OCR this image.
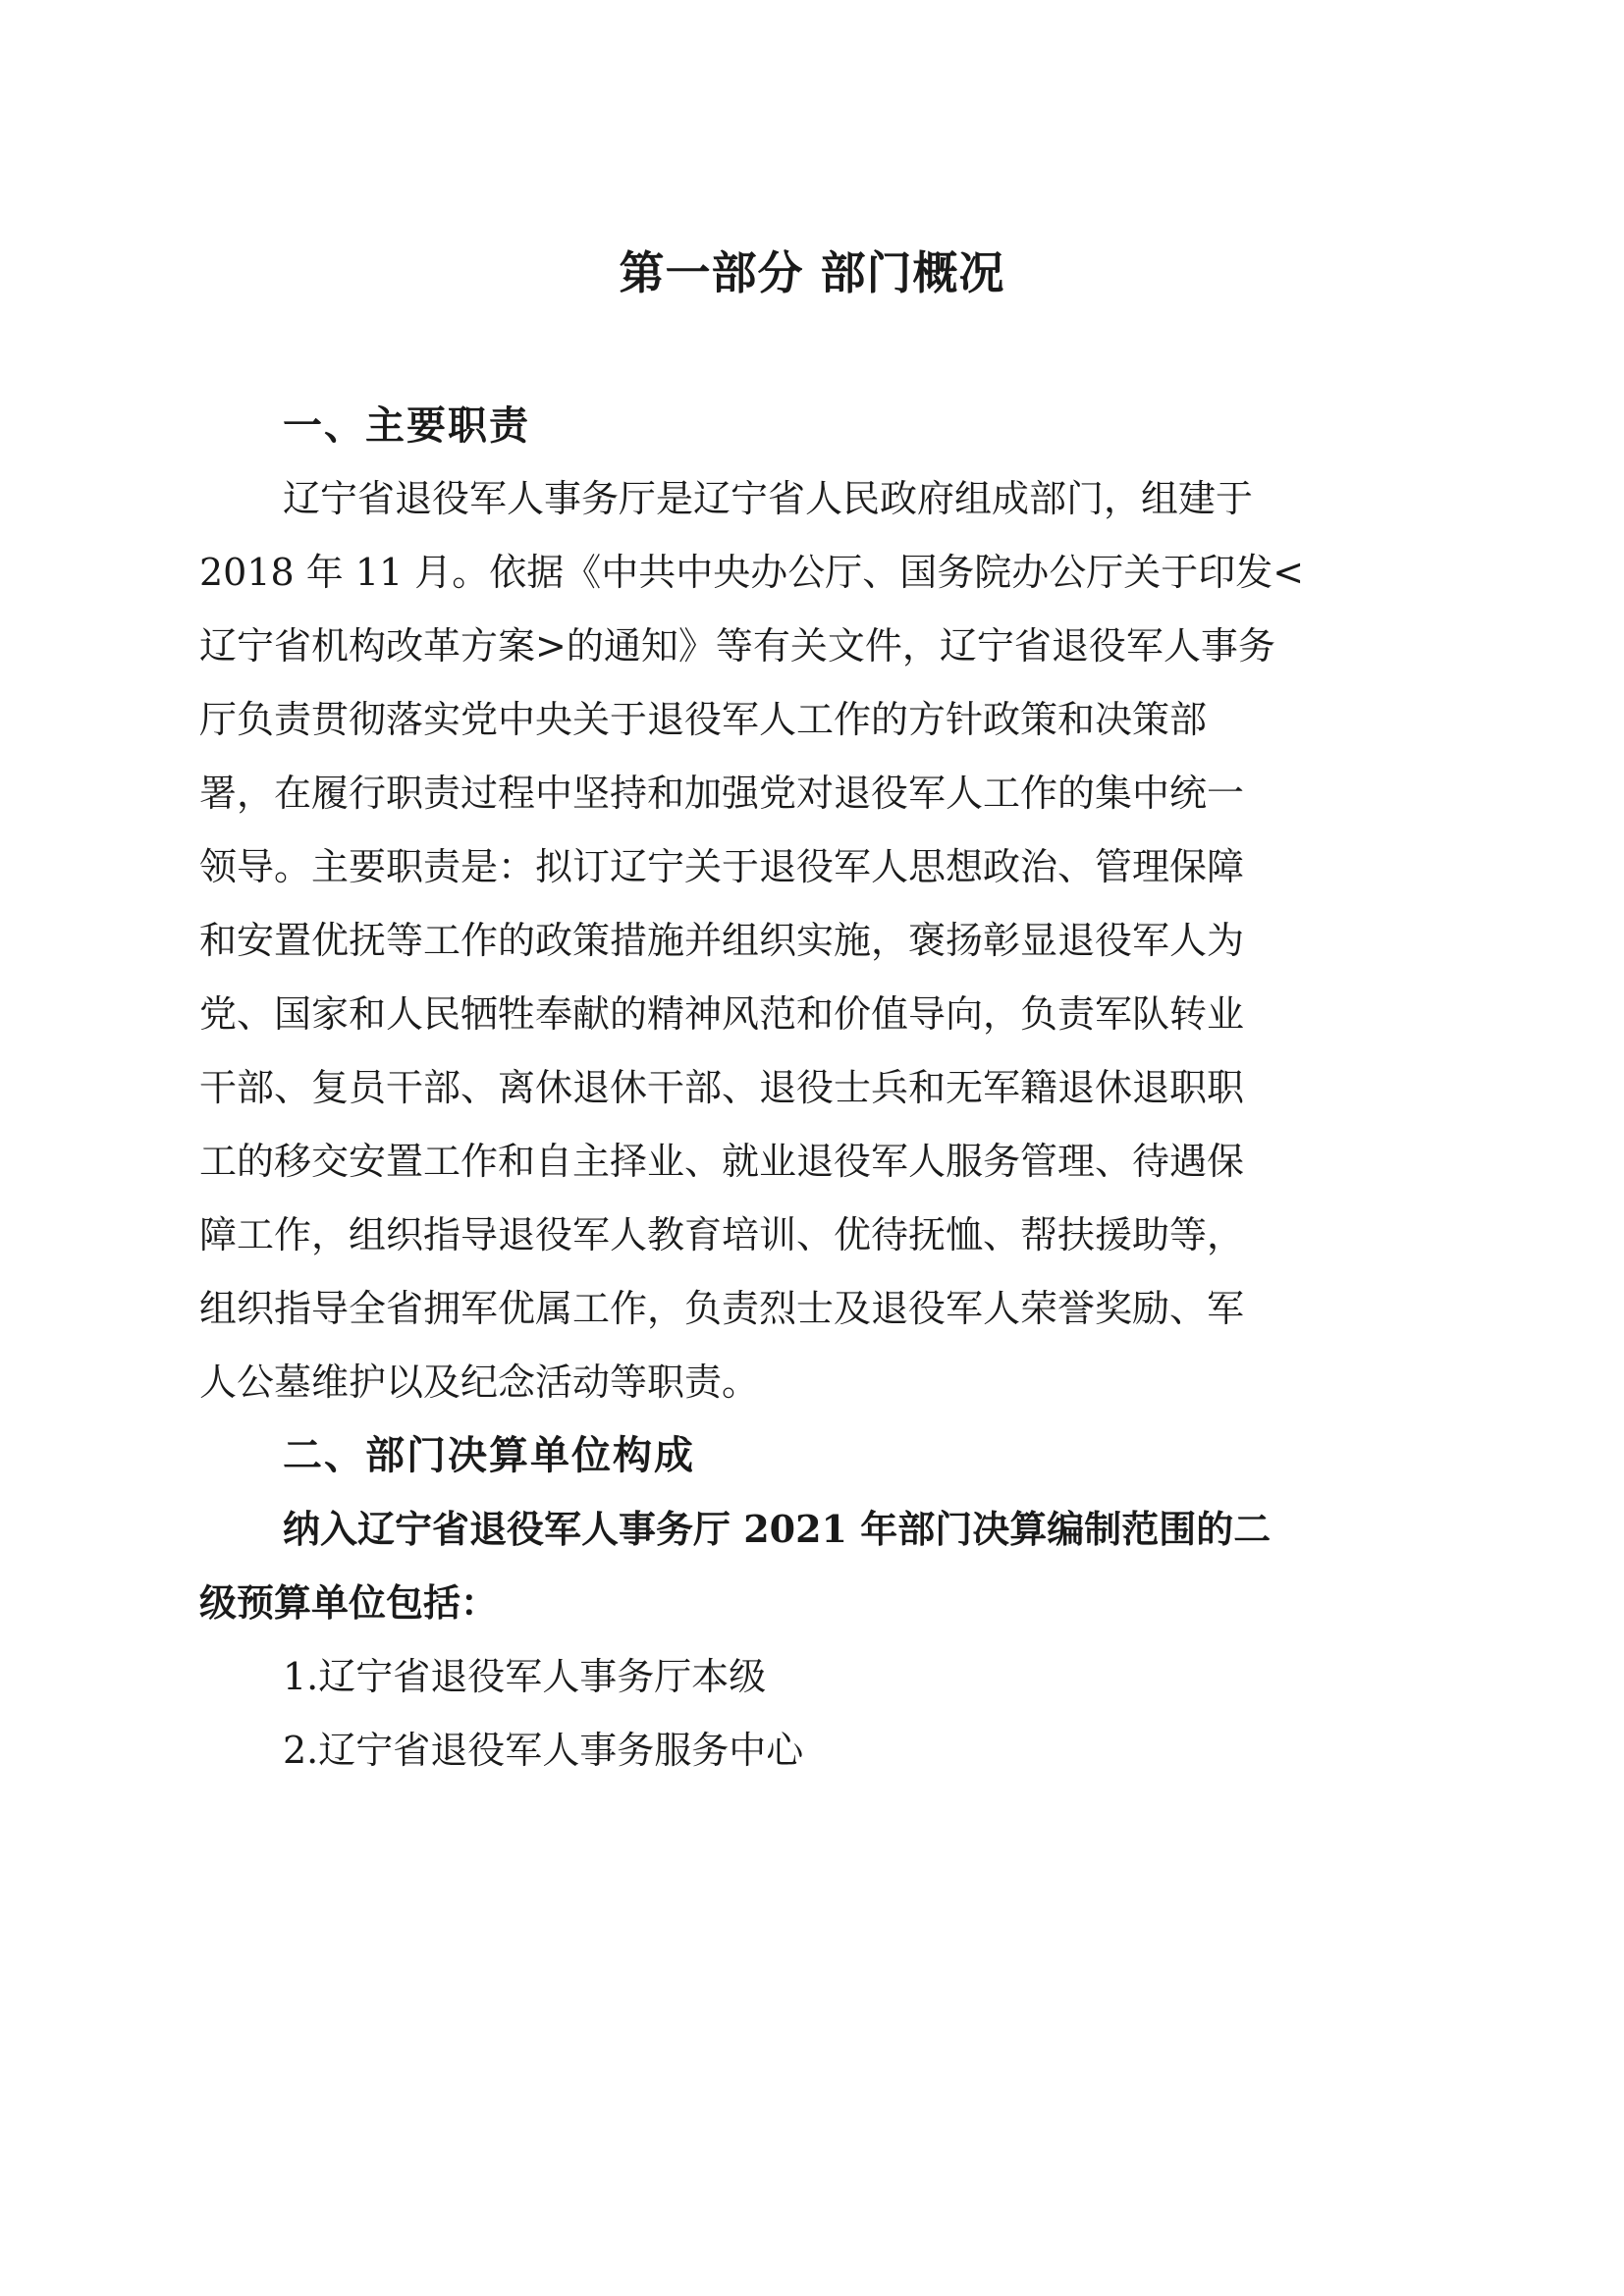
第一部分 部门概况
一、主要职责

辽宁省退役军人事务厅是辽宁省人民政府组成部门，组建于

2018 年 11 月。依据《中共中央办公厅、国务院办公厅关于印发<

辽宁省机构改革方案>的通知》等有关文件，辽宁省退役军人事务

厅负责贯彻落实党中央关于退役军人工作的方针政策和决策部

署，在履行职责过程中坚持和加强党对退役军人工作的集中统一

领导。主要职责是：拟订辽宁关于退役军人思想政治、管理保障

和安置优抚等工作的政策措施并组织实施，褒扬彰显退役军人为

党、国家和人民牺牲奉献的精神风范和价值导向，负责军队转业

干部、复员干部、离休退休干部、退役士兵和无军籍退休退职职

工的移交安置工作和自主择业、就业退役军人服务管理、待遇保

障工作，组织指导退役军人教育培训、优待抚恤、帮扶援助等，

组织指导全省拥军优属工作，负责烈士及退役军人荣誉奖励、军

人公墓维护以及纪念活动等职责。

二、部门决算单位构成

纳入辽宁省退役军人事务厅 2021 年部门决算编制范围的二

级预算单位包括：

1.辽宁省退役军人事务厅本级

2.辽宁省退役军人事务服务中心
